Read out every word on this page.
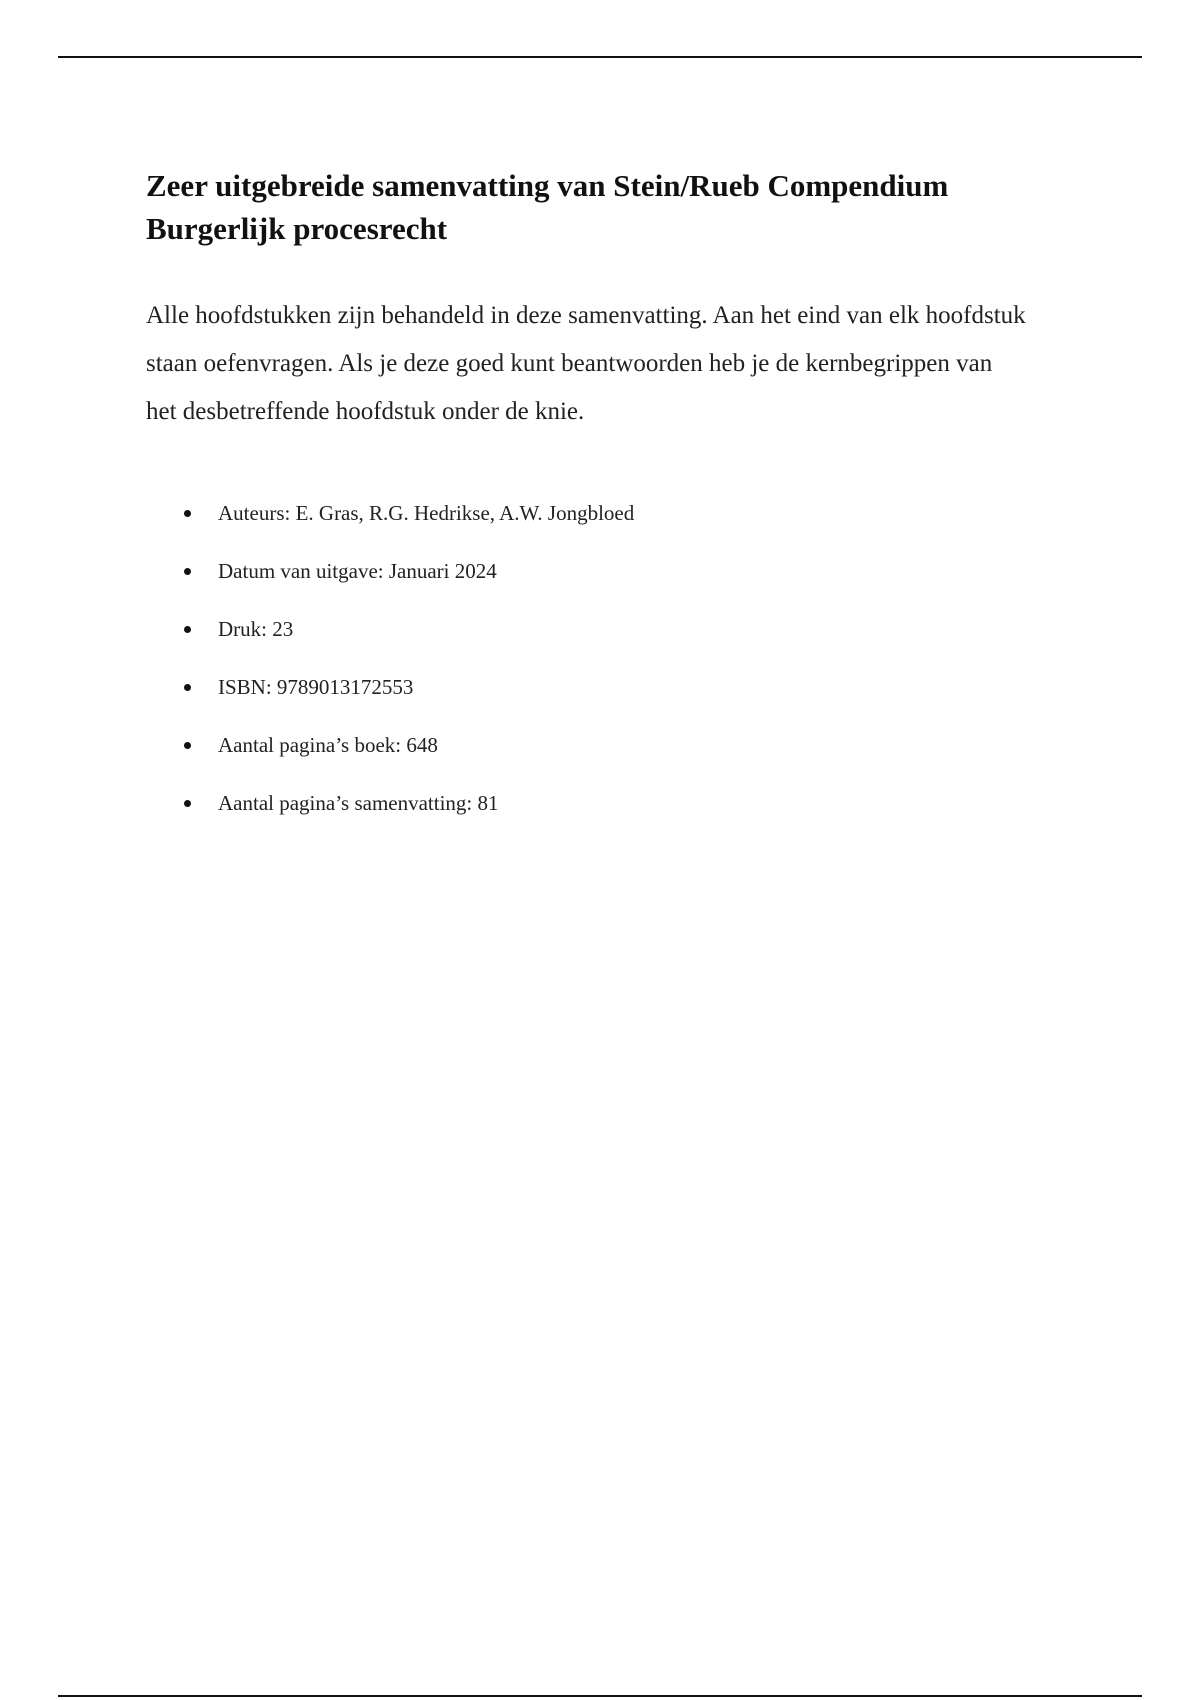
Zeer uitgebreide samenvatting van Stein/Rueb Compendium Burgerlijk procesrecht

Alle hoofdstukken zijn behandeld in deze samenvatting. Aan het eind van elk hoofdstuk staan oefenvragen. Als je deze goed kunt beantwoorden heb je de kernbegrippen van het desbetreffende hoofdstuk onder de knie.

Auteurs: E. Gras, R.G. Hedrikse, A.W. Jongbloed
Datum van uitgave: Januari 2024
Druk: 23
ISBN: 9789013172553
Aantal pagina’s boek: 648
Aantal pagina’s samenvatting: 81
